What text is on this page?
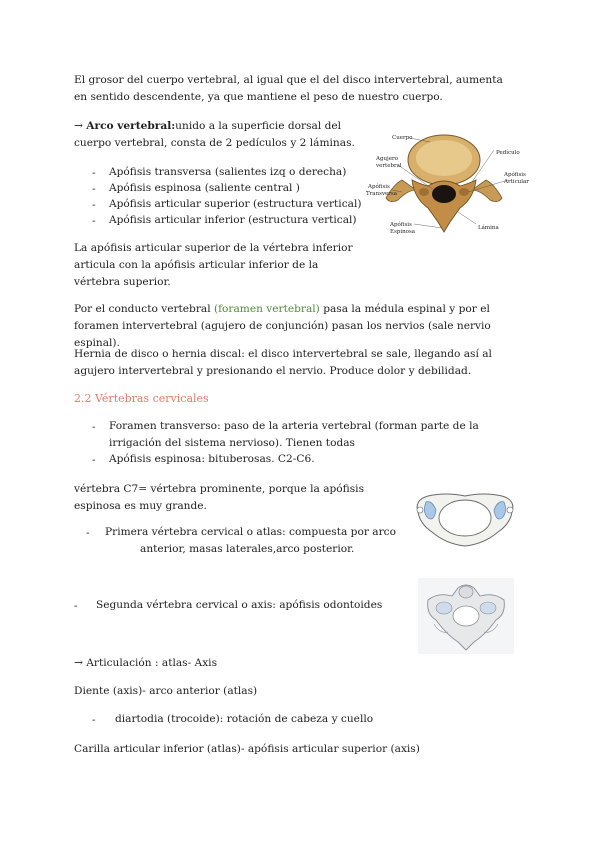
El grosor del cuerpo vertebral, al igual que el del disco intervertebral, aumenta en sentido descendente, ya que mantiene el peso de nuestro cuerpo.

→ Arco vertebral:unido a la superficie dorsal del

cuerpo vertebral, consta de 2 pedículos y 2 láminas.

- Apófisis transversa (salientes izq o derecha)
- Apófisis espinosa (saliente central )
- Apófisis articular superior (estructura vertical)
- Apófisis articular inferior (estructura vertical)
Cuerpo
Agujero
vertebral
Pedículo
Apófisis
Transversa
Apófisis
Articular
Apófisis
Espinosa
Lámina

La apófisis articular superior de la vértebra inferior articula con la apófisis articular inferior de la vértebra superior.

Por el conducto vertebral (foramen vertebral) pasa la médula espinal y por el foramen intervertebral (agujero de conjunción) pasan los nervios (sale nervio espinal).

Hernia de disco o hernia discal: el disco intervertebral se sale, llegando así al agujero intervertebral y presionando el nervio. Produce dolor y debilidad.

2.2 Vértebras cervicales

- Foramen transverso: paso de la arteria vertebral (forman parte de la irrigación del sistema nervioso). Tienen todas

- Apófisis espinosa: bituberosas. C2-C6.

vértebra C7= vértebra prominente, porque la apófisis espinosa es muy grande.

- Primera vértebra cervical o atlas: compuesta por arco

anterior, masas laterales,arco posterior.

- Segunda vértebra cervical o axis: apófisis odontoides

→ Articulación : atlas- Axis

Diente (axis)- arco anterior (atlas)

- diartodia (trocoide): rotación de cabeza y cuello

Carilla articular inferior (atlas)- apófisis articular superior (axis)
